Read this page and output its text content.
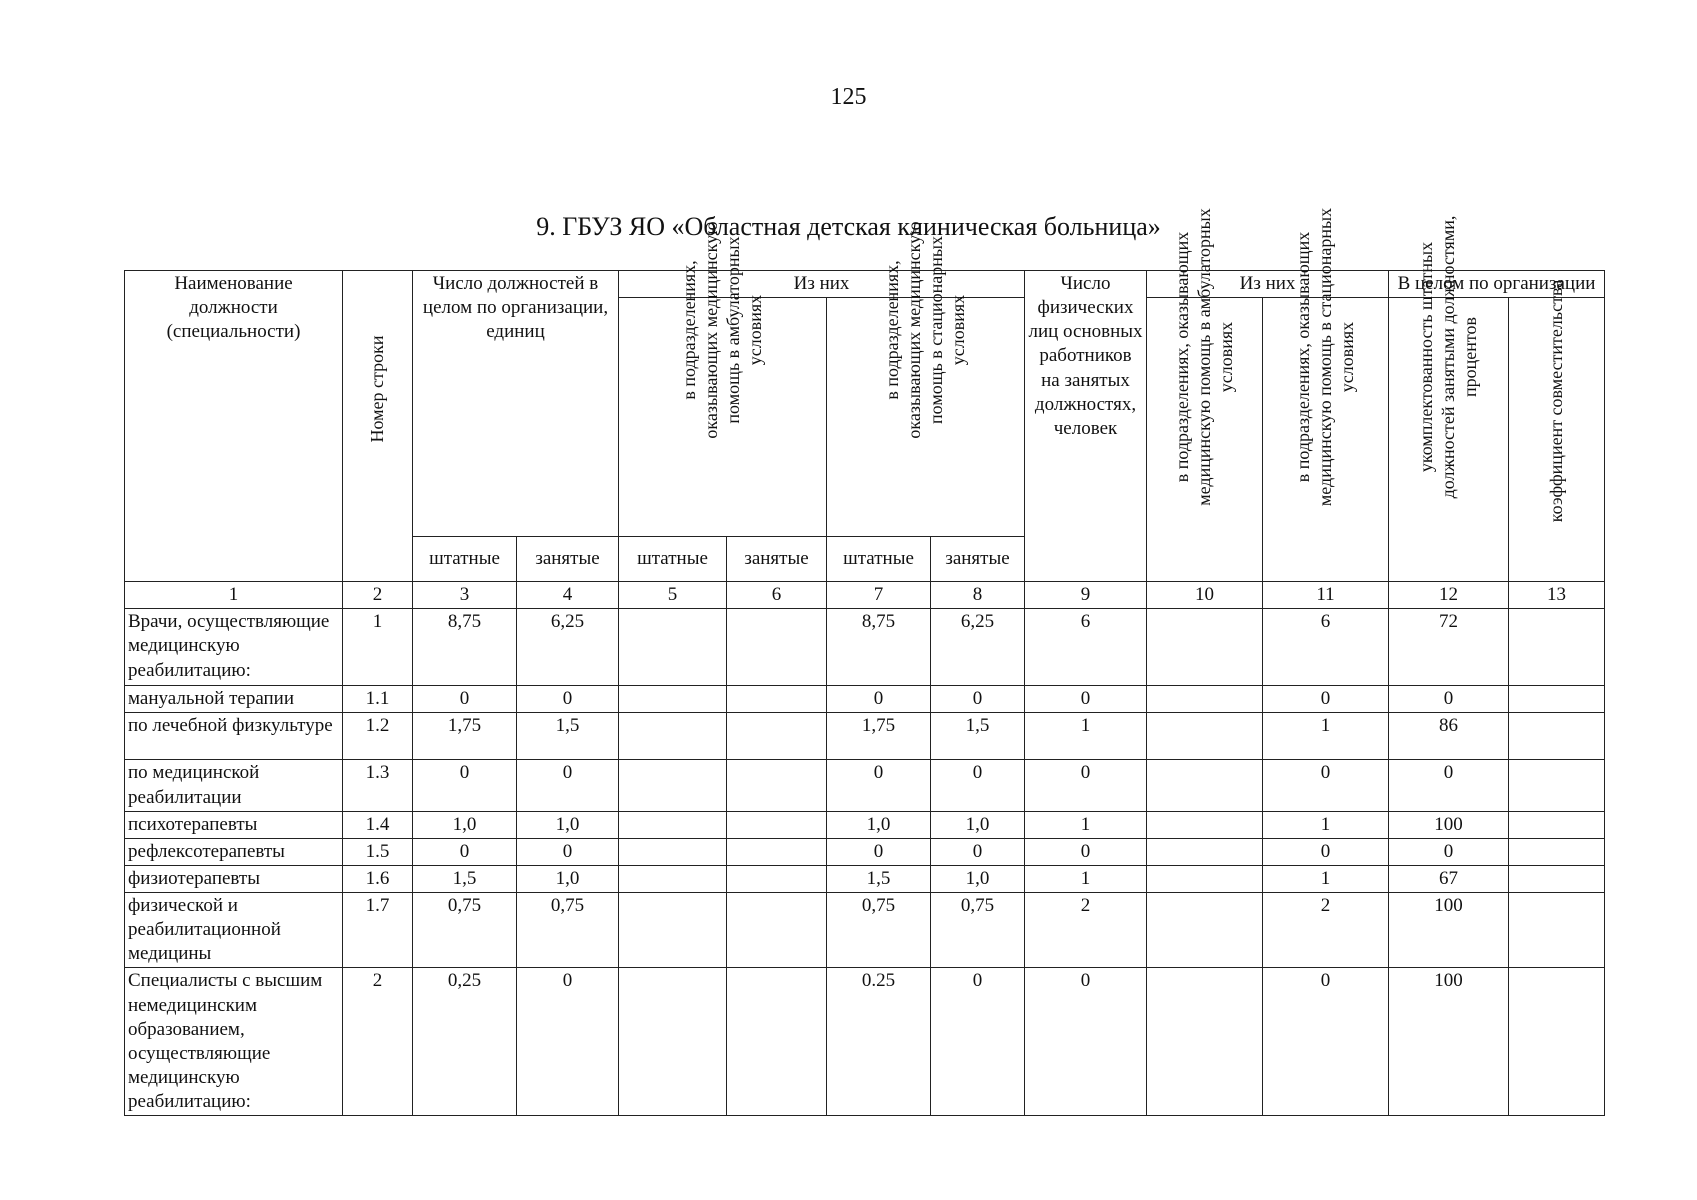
125
9. ГБУЗ ЯО «Областная детская клиническая больница»
Наименование должности (специальности)	Номер строки	Число должностей в целом по организации, единиц		Из них				Число физических лиц основных работников на занятых должностях, человек	Из них		В целом по организации	

				в подразделениях, оказывающих медицинскую помощь в амбулаторных условиях		в подразделениях, оказывающих медицинскую помощь в стационарных условиях			в подразделениях, оказывающих медицинскую помощь в амбулаторных условиях	в подразделениях, оказывающих медицинскую помощь в стационарных условиях	укомплектованность штатных должностей занятыми должностями, процентов	коэффициент совместительства

		штатные	занятые	штатные	занятые	штатные	занятые					
1	2	3	4	5	6	7	8	9	10	11	12	13
Врачи, осуществляющие медицинскую реабилитацию:	1	8,75	6,25			8,75	6,25	6		6	72	
мануальной терапии	1.1	0	0			0	0	0		0	0	
по лечебной физкультуре	1.2	1,75	1,5			1,75	1,5	1		1	86	
по медицинской реабилитации	1.3	0	0			0	0	0		0	0	
психотерапевты	1.4	1,0	1,0			1,0	1,0	1		1	100	
рефлексотерапевты	1.5	0	0			0	0	0		0	0	
физиотерапевты	1.6	1,5	1,0			1,5	1,0	1		1	67	
физической и реабилитационной медицины	1.7	0,75	0,75			0,75	0,75	2		2	100	
Специалисты с высшим немедицинским образованием, осуществляющие медицинскую реабилитацию:	2	0,25	0			0.25	0	0		0	100	
